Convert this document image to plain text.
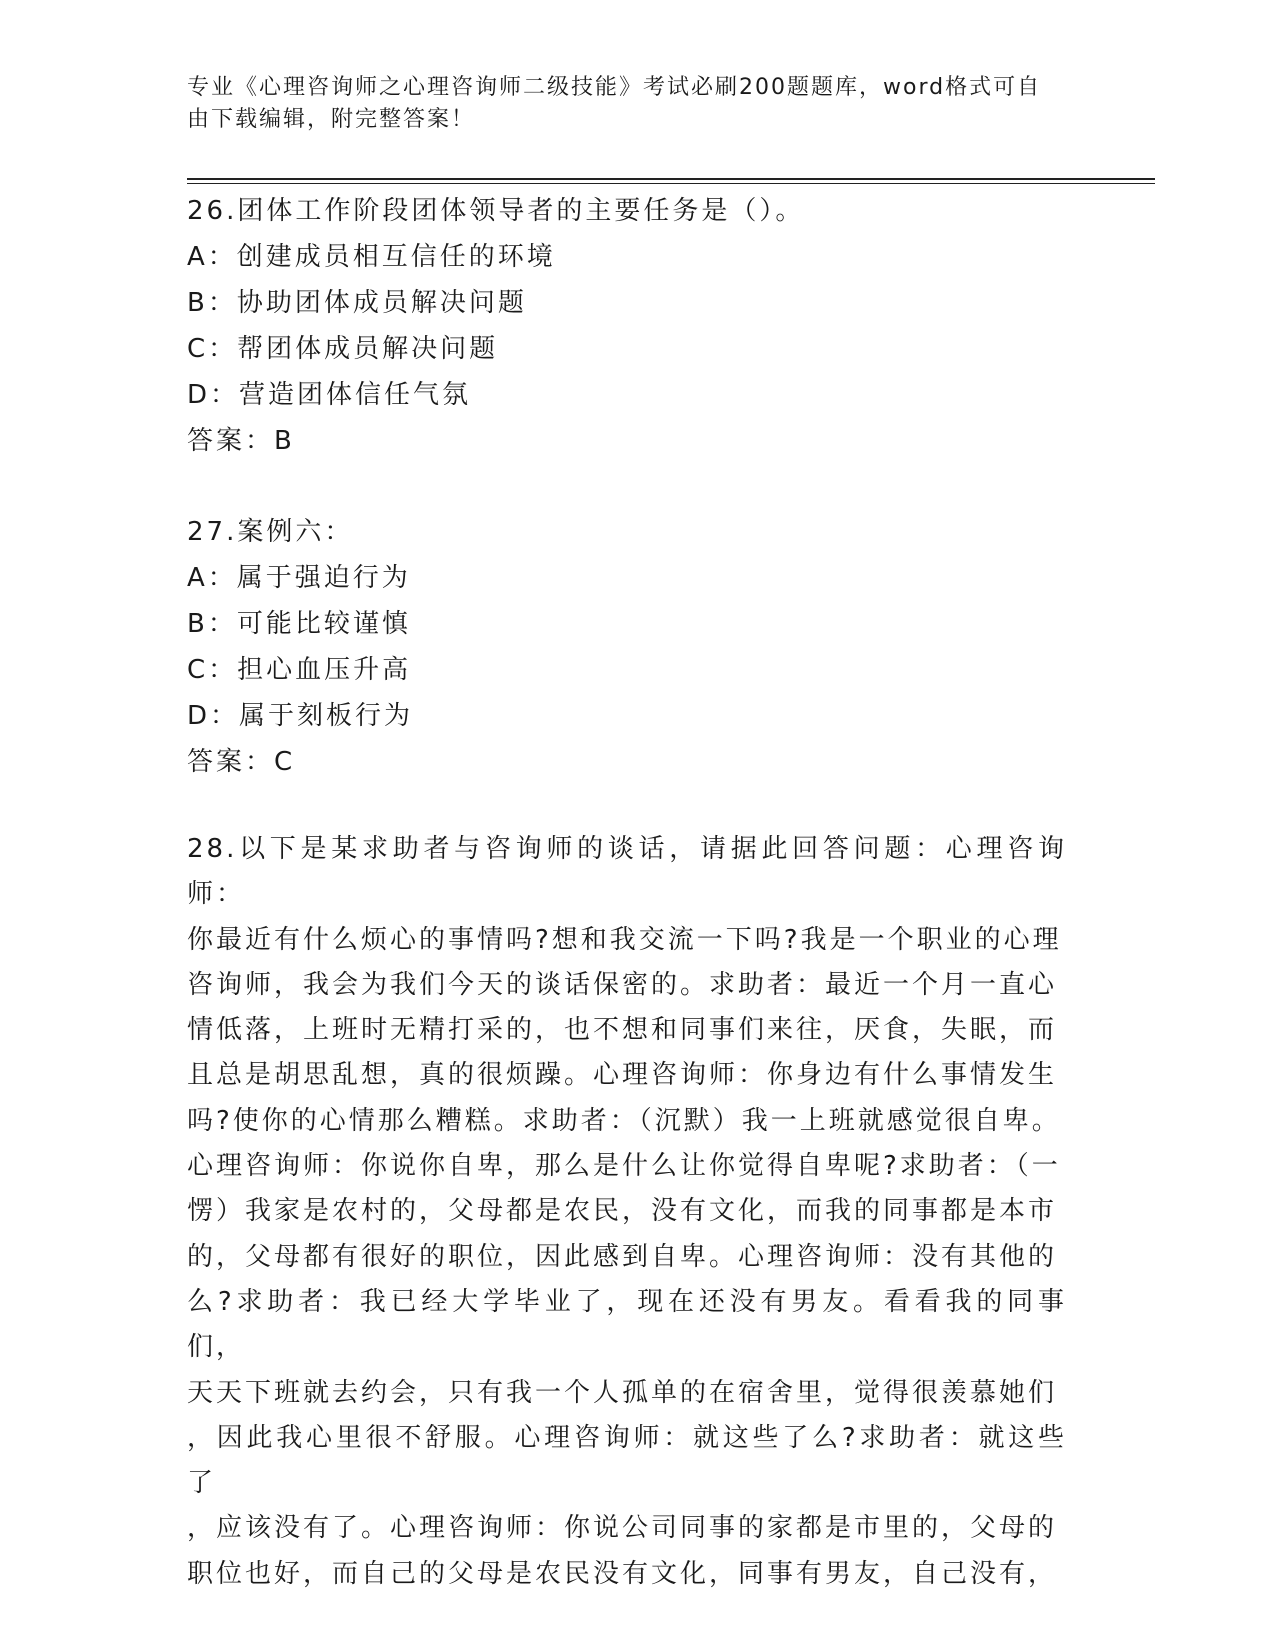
专业《心理咨询师之心理咨询师二级技能》考试必刷200题题库，word格式可自
由下载编辑，附完整答案！
26.团体工作阶段团体领导者的主要任务是（）。
A：创建成员相互信任的环境
B：协助团体成员解决问题
C：帮团体成员解决问题
D：营造团体信任气氛
答案：B
27.案例六：
A：属于强迫行为
B：可能比较谨慎
C：担心血压升高
D：属于刻板行为
答案：C
28.以下是某求助者与咨询师的谈话，请据此回答问题：心理咨询师：
你最近有什么烦心的事情吗?想和我交流一下吗?我是一个职业的心理
咨询师，我会为我们今天的谈话保密的。求助者：最近一个月一直心
情低落，上班时无精打采的，也不想和同事们来往，厌食，失眠，而
且总是胡思乱想，真的很烦躁。心理咨询师：你身边有什么事情发生
吗?使你的心情那么糟糕。求助者：（沉默）我一上班就感觉很自卑。
心理咨询师：你说你自卑，那么是什么让你觉得自卑呢?求助者：（一
愣）我家是农村的，父母都是农民，没有文化，而我的同事都是本市
的，父母都有很好的职位，因此感到自卑。心理咨询师：没有其他的
么?求助者：我已经大学毕业了，现在还没有男友。看看我的同事们，
天天下班就去约会，只有我一个人孤单的在宿舍里，觉得很羡慕她们
，因此我心里很不舒服。心理咨询师：就这些了么?求助者：就这些了
，应该没有了。心理咨询师：你说公司同事的家都是市里的，父母的
职位也好，而自己的父母是农民没有文化，同事有男友，自己没有，
